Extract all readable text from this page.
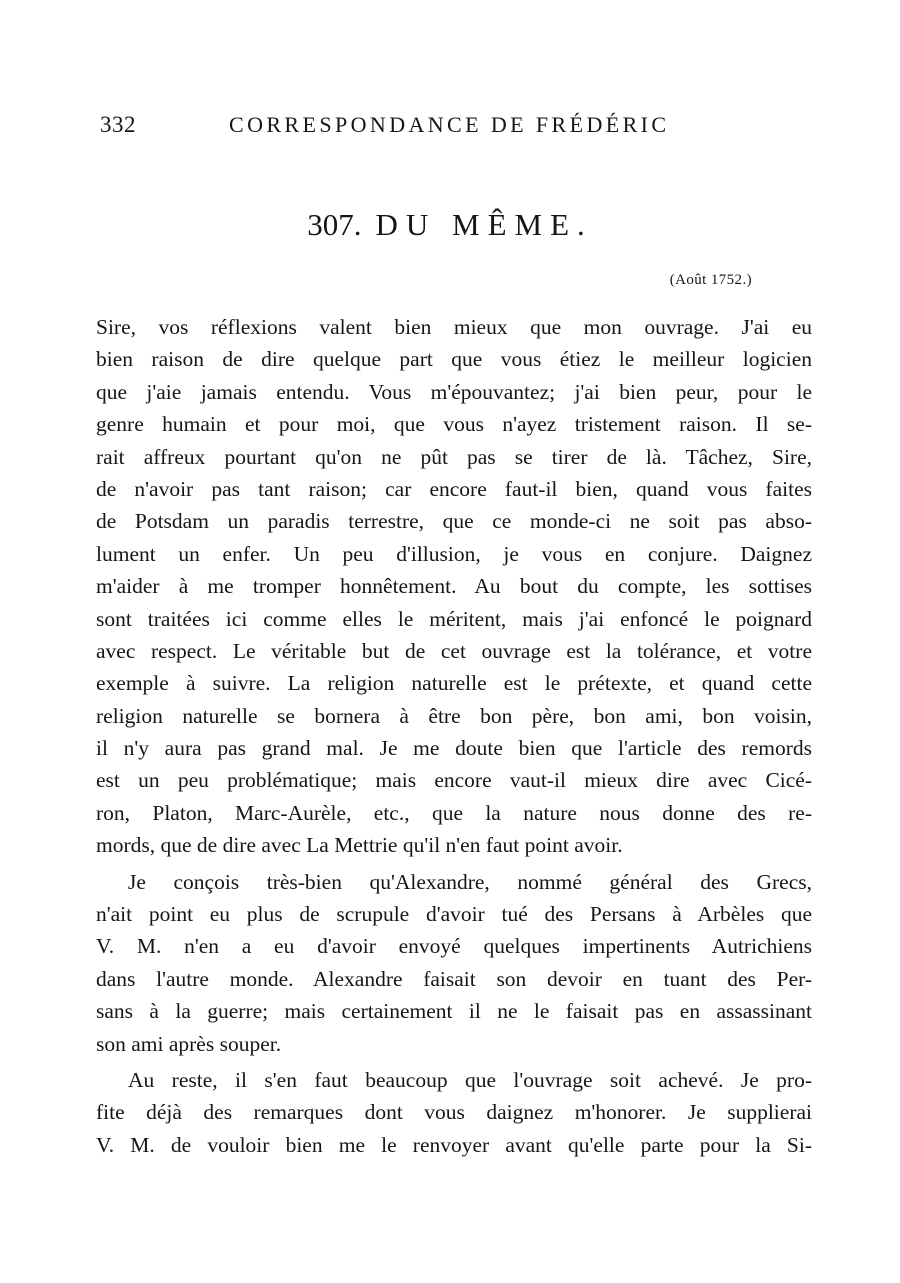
332	CORRESPONDANCE DE FRÉDÉRIC
307. DU MÊME.
(Août 1752.)
Sire, vos réflexions valent bien mieux que mon ouvrage. J'ai eu
bien raison de dire quelque part que vous étiez le meilleur logicien
que j'aie jamais entendu. Vous m'épouvantez; j'ai bien peur, pour le
genre humain et pour moi, que vous n'ayez tristement raison. Il se-
rait affreux pourtant qu'on ne pût pas se tirer de là. Tâchez, Sire,
de n'avoir pas tant raison; car encore faut-il bien, quand vous faites
de Potsdam un paradis terrestre, que ce monde-ci ne soit pas abso-
lument un enfer. Un peu d'illusion, je vous en conjure. Daignez
m'aider à me tromper honnêtement. Au bout du compte, les sottises
sont traitées ici comme elles le méritent, mais j'ai enfoncé le poignard
avec respect. Le véritable but de cet ouvrage est la tolérance, et votre
exemple à suivre. La religion naturelle est le prétexte, et quand cette
religion naturelle se bornera à être bon père, bon ami, bon voisin,
il n'y aura pas grand mal. Je me doute bien que l'article des remords
est un peu problématique; mais encore vaut-il mieux dire avec Cicé-
ron, Platon, Marc-Aurèle, etc., que la nature nous donne des re-
mords, que de dire avec La Mettrie qu'il n'en faut point avoir.
Je conçois très-bien qu'Alexandre, nommé général des Grecs,
n'ait point eu plus de scrupule d'avoir tué des Persans à Arbèles que
V. M. n'en a eu d'avoir envoyé quelques impertinents Autrichiens
dans l'autre monde. Alexandre faisait son devoir en tuant des Per-
sans à la guerre; mais certainement il ne le faisait pas en assassinant
son ami après souper.
Au reste, il s'en faut beaucoup que l'ouvrage soit achevé. Je pro-
fite déjà des remarques dont vous daignez m'honorer. Je supplierai
V. M. de vouloir bien me le renvoyer avant qu'elle parte pour la Si-
